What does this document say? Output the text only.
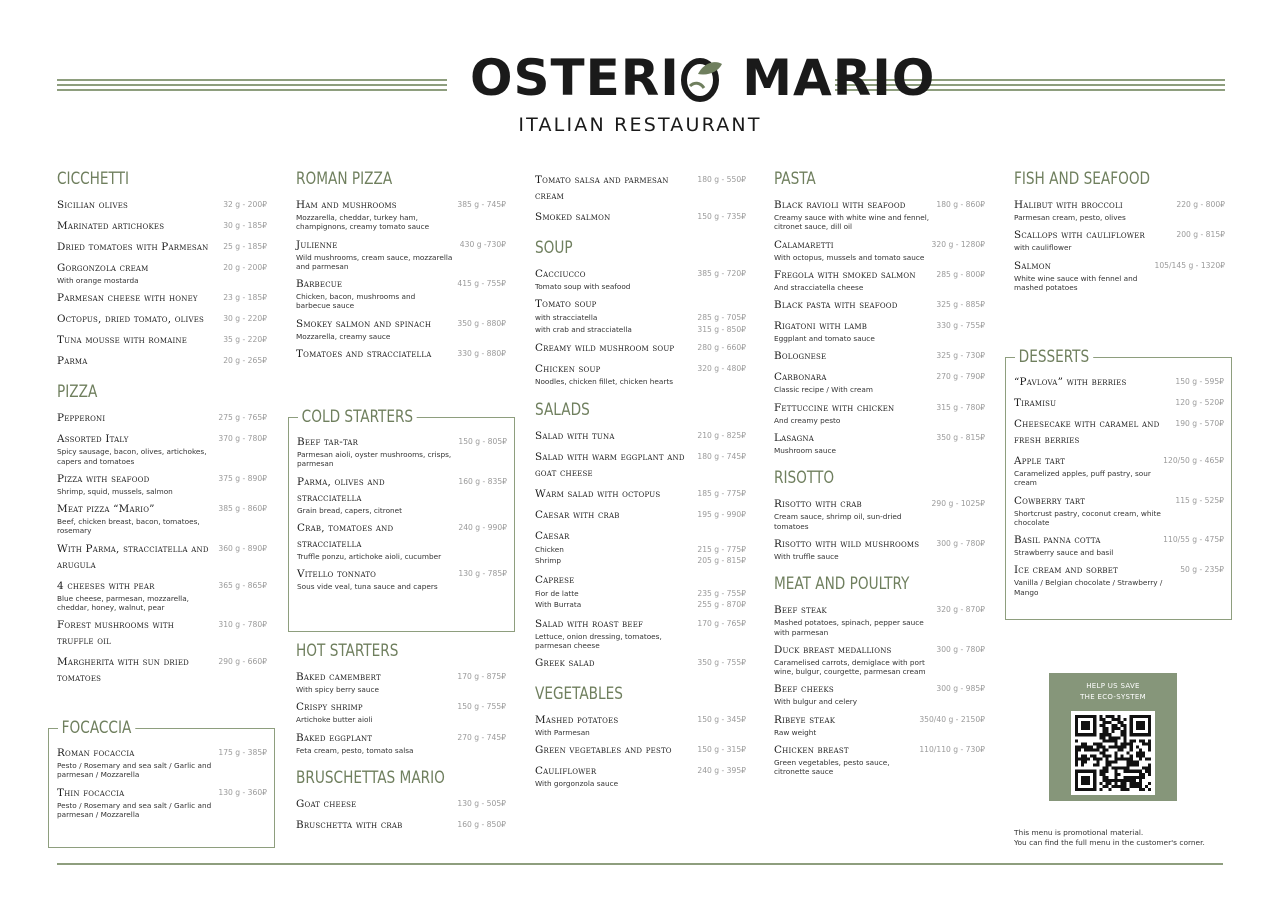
OSTERI MARIO
ITALIAN RESTAURANT
CICCHETTI
Sicilian olives	32 g - 200₽
Marinated artichokes	30 g - 185₽
Dried tomatoes with Parmesan	25 g - 185₽
Gorgonzola cream
With orange mostarda
20 g - 200₽
Parmesan cheese with honey	23 g - 185₽
Octopus, dried tomato, olives	30 g - 220₽
Tuna mousse with romaine	35 g - 220₽
Parma	20 g - 265₽
PIZZA
Pepperoni	275 g - 765₽
Assorted Italy
Spicy sausage, bacon, olives, artichokes, capers and tomatoes
370 g - 780₽
Pizza with seafood
Shrimp, squid, mussels, salmon
375 g - 890₽
Meat pizza “Mario”
Beef, chicken breast, bacon, tomatoes, rosemary
385 g - 860₽
With Parma, stracciatella and arugula
360 g - 890₽
4 cheeses with pear
Blue cheese, parmesan, mozzarella, cheddar, honey, walnut, pear
365 g - 865₽
Forest mushrooms with truffle oil
310 g - 780₽
Margherita with sun dried tomatoes
290 g - 660₽
FOCACCIA
Roman focaccia
Pesto / Rosemary and sea salt / Garlic and parmesan / Mozzarella
175 g - 385₽
Thin focaccia
Pesto / Rosemary and sea salt / Garlic and parmesan / Mozzarella
130 g - 360₽
ROMAN PIZZA
Ham and mushrooms
Mozzarella, cheddar, turkey ham, champignons, creamy tomato sauce
385 g - 745₽
Julienne
Wild mushrooms, cream sauce, mozzarella and parmesan
430 g -730₽
Barbecue
Chicken, bacon, mushrooms and barbecue sauce
415 g - 755₽
Smokey salmon and spinach
Mozzarella, creamy sauce
350 g - 880₽
Tomatoes and stracciatella	330 g - 880₽
COLD STARTERS
Beef tar-tar
Parmesan aioli, oyster mushrooms, crisps, parmesan
150 g - 805₽
Parma, olives and stracciatella
Grain bread, capers, citronet
160 g - 835₽
Crab, tomatoes and stracciatella
Truffle ponzu, artichoke aioli, cucumber
240 g - 990₽
Vitello tonnato
Sous vide veal, tuna sauce and capers
130 g - 785₽
HOT STARTERS
Baked camembert
With spicy berry sauce
170 g - 875₽
Crispy shrimp
Artichoke butter aioli
150 g - 755₽
Baked eggplant
Feta cream, pesto, tomato salsa
270 g - 745₽
BRUSCHETTAS MARIO
Goat cheese	130 g - 505₽
Bruschetta with crab	160 g - 850₽
Tomato salsa and parmesan cream
180 g - 550₽
Smoked salmon	150 g - 735₽
SOUP
Cacciucco
Tomato soup with seafood
385 g - 720₽
Tomato soup
with stracciatella	285 g - 705₽
with crab and stracciatella	315 g - 850₽
Creamy wild mushroom soup	280 g - 660₽
Chicken soup
Noodles, chicken fillet, chicken hearts
320 g - 480₽
SALADS
Salad with tuna	210 g - 825₽
Salad with warm eggplant and goat cheese
180 g - 745₽
Warm salad with octopus	185 g - 775₽
Caesar with crab	195 g - 990₽
Caesar
Chicken	215 g - 775₽
Shrimp	205 g - 815₽
Caprese
Fior de latte	235 g - 755₽
With Burrata	255 g - 870₽
Salad with roast beef
Lettuce, onion dressing, tomatoes, parmesan cheese
170 g - 765₽
Greek salad	350 g - 755₽
VEGETABLES
Mashed potatoes
With Parmesan
150 g - 345₽
Green vegetables and pesto	150 g - 315₽
Cauliflower
With gorgonzola sauce
240 g - 395₽
PASTA
Black ravioli with seafood
Creamy sauce with white wine and fennel, citronet sauce, dill oil
180 g - 860₽
Calamaretti
With octopus, mussels and tomato sauce
320 g - 1280₽
Fregola with smoked salmon
And stracciatella cheese
285 g - 800₽
Black pasta with seafood	325 g - 885₽
Rigatoni with lamb
Eggplant and tomato sauce
330 g - 755₽
Bolognese	325 g - 730₽
Carbonara
Classic recipe / With cream
270 g - 790₽
Fettuccine with chicken
And creamy pesto
315 g - 780₽
Lasagna
Mushroom sauce
350 g - 815₽
RISOTTO
Risotto with crab
Cream sauce, shrimp oil, sun-dried tomatoes
290 g - 1025₽
Risotto with wild mushrooms
With truffle sauce
300 g - 780₽
MEAT AND POULTRY
Beef steak
Mashed potatoes, spinach, pepper sauce with parmesan
320 g - 870₽
Duck breast medallions
Caramelised carrots, demiglace with port wine, bulgur, courgette, parmesan cream
300 g - 780₽
Beef cheeks
With bulgur and celery
300 g - 985₽
Ribeye steak
Raw weight
350/40 g - 2150₽
Chicken breast
Green vegetables, pesto sauce, citronette sauce
110/110 g - 730₽
FISH AND SEAFOOD
Halibut with broccoli
Parmesan cream, pesto, olives
220 g - 800₽
Scallops with cauliflower
with cauliflower
200 g - 815₽
Salmon
White wine sauce with fennel and mashed potatoes
105/145 g - 1320₽
DESSERTS
“Pavlova” with berries	150 g - 595₽
Tiramisu	120 g - 520₽
Cheesecake with caramel and fresh berries
190 g - 570₽
Apple tart
Caramelized apples, puff pastry, sour cream
120/50 g - 465₽
Cowberry tart
Shortcrust pastry, coconut cream, white chocolate
115 g - 525₽
Basil panna cotta
Strawberry sauce and basil
110/55 g - 475₽
Ice cream and sorbet
Vanilla / Belgian chocolate / Strawberry / Mango
50 g - 235₽
HELP US SAVE
THE ECO-SYSTEM
This menu is promotional material.
You can find the full menu in the customer's corner.
